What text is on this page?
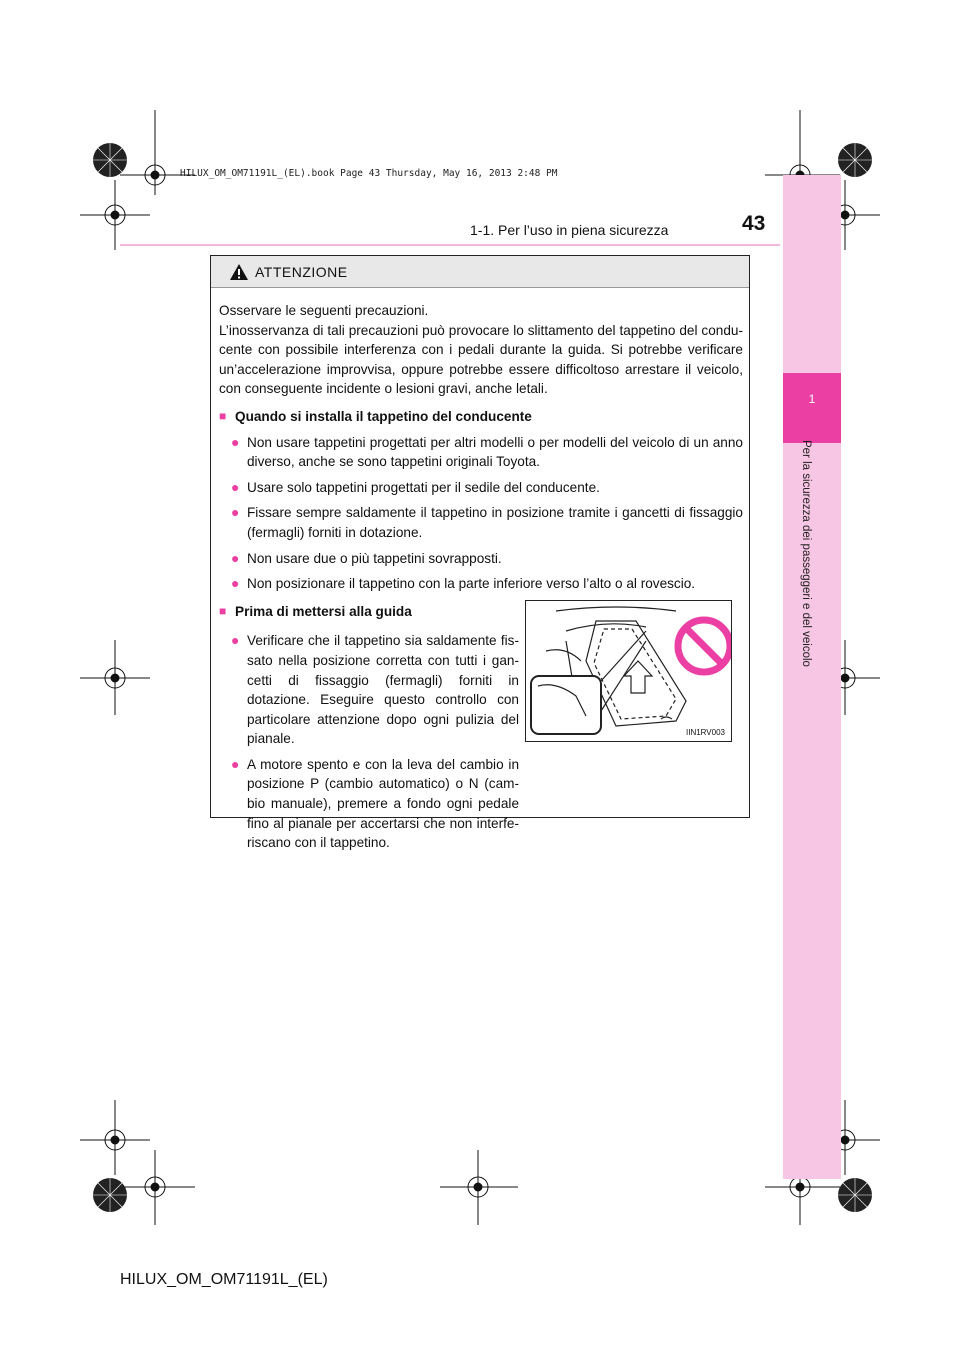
HILUX_OM_OM71191L_(EL).book Page 43 Thursday, May 16, 2013 2:48 PM
1
Per la sicurezza dei passeggeri e del veicolo
1-1. Per l’uso in piena sicurezza	43
ATTENZIONE

Osservare le seguenti precauzioni.

L’inosservanza di tali precauzioni può provocare lo slittamento del tappetino del condu-cente con possibile interferenza con i pedali durante la guida. Si potrebbe verificare un’accelerazione improvvisa, oppure potrebbe essere difficoltoso arrestare il veicolo, con conseguente incidente o lesioni gravi, anche letali.

■ Quando si installa il tappetino del conducente

● Non usare tappetini progettati per altri modelli o per modelli del veicolo di un anno diverso, anche se sono tappetini originali Toyota.

● Usare solo tappetini progettati per il sedile del conducente.

● Fissare sempre saldamente il tappetino in posizione tramite i gancetti di fissaggio (fermagli) forniti in dotazione.

● Non usare due o più tappetini sovrapposti.

● Non posizionare il tappetino con la parte inferiore verso l’alto o al rovescio.

■ Prima di mettersi alla guida

● Verificare che il tappetino sia saldamente fis-sato nella posizione corretta con tutti i gan-cetti di fissaggio (fermagli) forniti in dotazione. Eseguire questo controllo con particolare attenzione dopo ogni pulizia del pianale.

● A motore spento e con la leva del cambio in posizione P (cambio automatico) o N (cam-bio manuale), premere a fondo ogni pedale fino al pianale per accertarsi che non interfe-riscano con il tappetino.

IIN1RV003
HILUX_OM_OM71191L_(EL)
